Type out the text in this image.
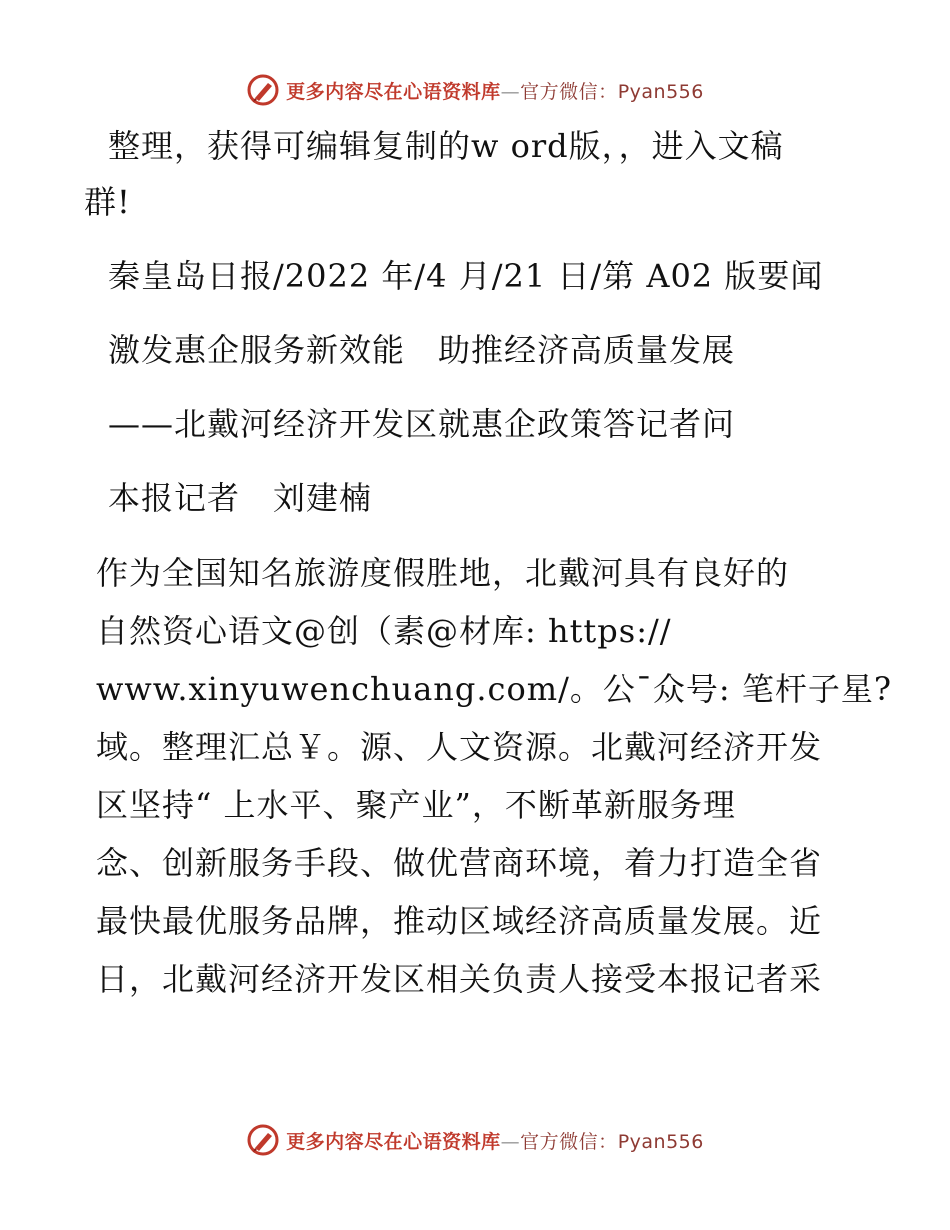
更多内容尽在心语资料库—官方微信：Pyan556

整理，获得可编辑复制的w ord版，，进入文稿
群!

秦皇岛日报/2022 年/4 月/21 日/第 A02 版要闻
激发惠企服务新效能　助推经济高质量发展
——北戴河经济开发区就惠企政策答记者问
本报记者　刘建楠
作为全国知名旅游度假胜地，北戴河具有良好的
自然资心语文@创（素@材库: https://
www.xinyuwenchuang.com/。公¯众号: 笔杆子星?
域。整理汇总￥。源、人文资源。北戴河经济开发
区坚持“ 上水平、聚产业”，不断革新服务理
念、创新服务手段、做优营商环境，着力打造全省
最快最优服务品牌，推动区域经济高质量发展。近
日，北戴河经济开发区相关负责人接受本报记者采
更多内容尽在心语资料库—官方微信：Pyan556
